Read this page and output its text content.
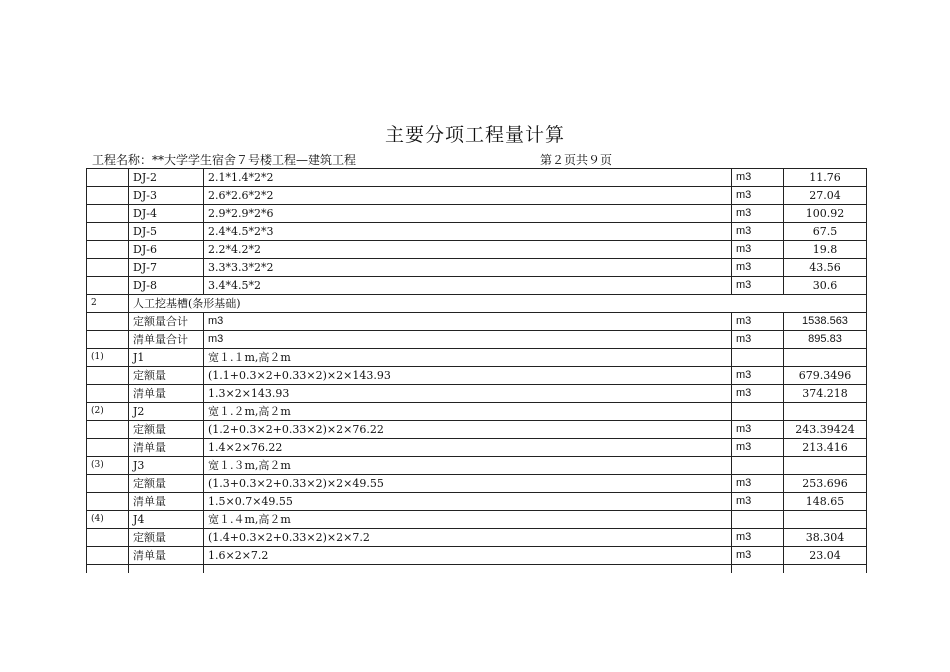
主要分项工程量计算
工程名称：**大学学生宿舍７号楼工程—建筑工程	第２页共９页
	DJ-2	2.1*1.4*2*2	m3	11.76
	DJ-3	2.6*2.6*2*2	m3	27.04
	DJ-4	2.9*2.9*2*6	m3	100.92
	DJ-5	2.4*4.5*2*3	m3	67.5
	DJ-6	2.2*4.2*2	m3	19.8
	DJ-7	3.3*3.3*2*2	m3	43.56
	DJ-8	3.4*4.5*2	m3	30.6
2	人工挖基槽(条形基础)			
	定额量合计	m3	m3	1538.563
	清单量合计	m3	m3	895.83
(1)	J1	宽１.１m,高２m		
	定额量	(1.1+0.3×2+0.33×2)×2×143.93	m3	679.3496
	清单量	1.3×2×143.93	m3	374.218
(2)	J2	宽１.２m,高２m		
	定额量	(1.2+0.3×2+0.33×2)×2×76.22	m3	243.39424
	清单量	1.4×2×76.22	m3	213.416
(3)	J3	宽１.３m,高２m		
	定额量	(1.3+0.3×2+0.33×2)×2×49.55	m3	253.696
	清单量	1.5×0.7×49.55	m3	148.65
(4)	J4	宽１.４m,高２m		
	定额量	(1.4+0.3×2+0.33×2)×2×7.2	m3	38.304
	清单量	1.6×2×7.2	m3	23.04
